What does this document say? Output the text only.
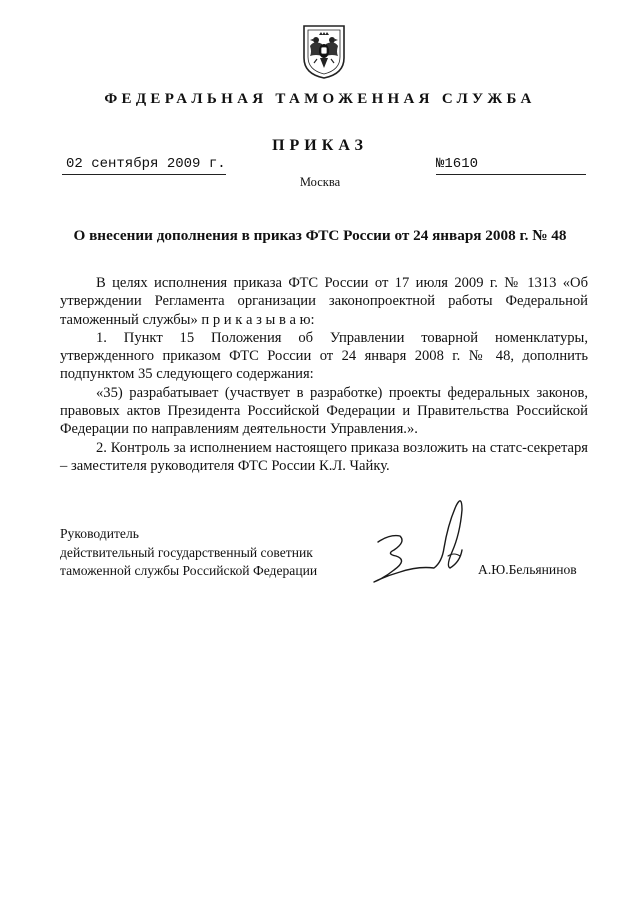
ФЕДЕРАЛЬНАЯ ТАМОЖЕННАЯ СЛУЖБА
ПРИКАЗ
02 сентября 2009 г.	№1610
Москва
О внесении дополнения в приказ ФТС России от 24 января 2008 г. № 48

В целях исполнения приказа ФТС России от 17 июля 2009 г. № 1313 «Об утверждении Регламента организации законопроектной работы Федеральной таможенный службы» п р и к а з ы в а ю:

1. Пункт 15 Положения об Управлении товарной номенклатуры, утвержденного приказом ФТС России от 24 января 2008 г. № 48, дополнить подпунктом 35 следующего содержания:

«35) разрабатывает (участвует в разработке) проекты федеральных законов, правовых актов Президента Российской Федерации и Правительства Российской Федерации по направлениям деятельности Управления.».

2. Контроль за исполнением настоящего приказа возложить на статс-секретаря – заместителя руководителя ФТС России К.Л. Чайку.

Руководитель
действительный государственный советник
таможенной службы Российской Федерации	А.Ю.Бельянинов
